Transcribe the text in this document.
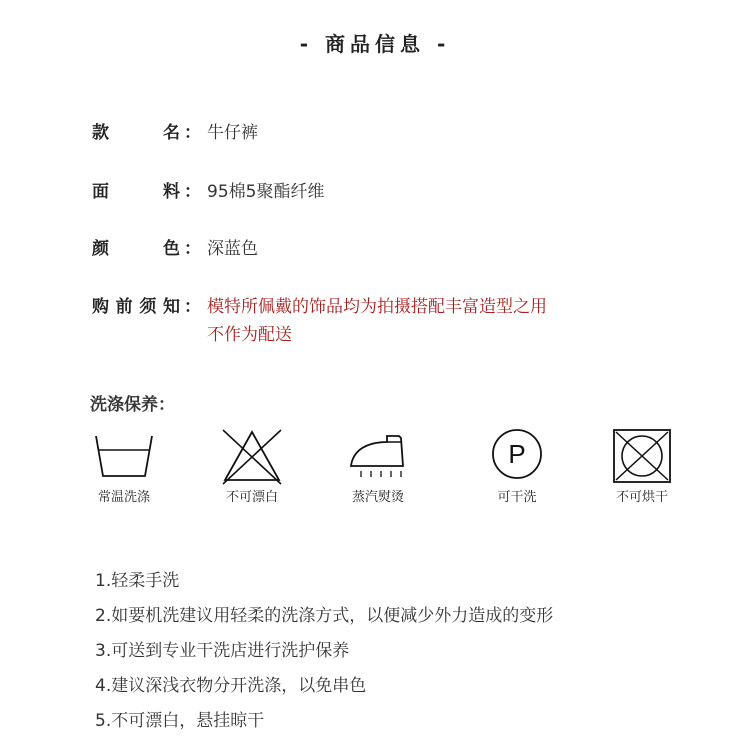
- 商品信息 -
款名 ： 牛仔裤
面料 ： 95棉5聚酯纤维
颜色 ： 深蓝色
购前须知 ： 模特所佩戴的饰品均为拍摄搭配丰富造型之用
不作为配送
洗涤保养：
常温洗涤	不可漂白	蒸汽熨烫
P
可干洗	不可烘干
1.轻柔手洗
2.如要机洗建议用轻柔的洗涤方式，以便减少外力造成的变形
3.可送到专业干洗店进行洗护保养
4.建议深浅衣物分开洗涤，以免串色
5.不可漂白，悬挂晾干
